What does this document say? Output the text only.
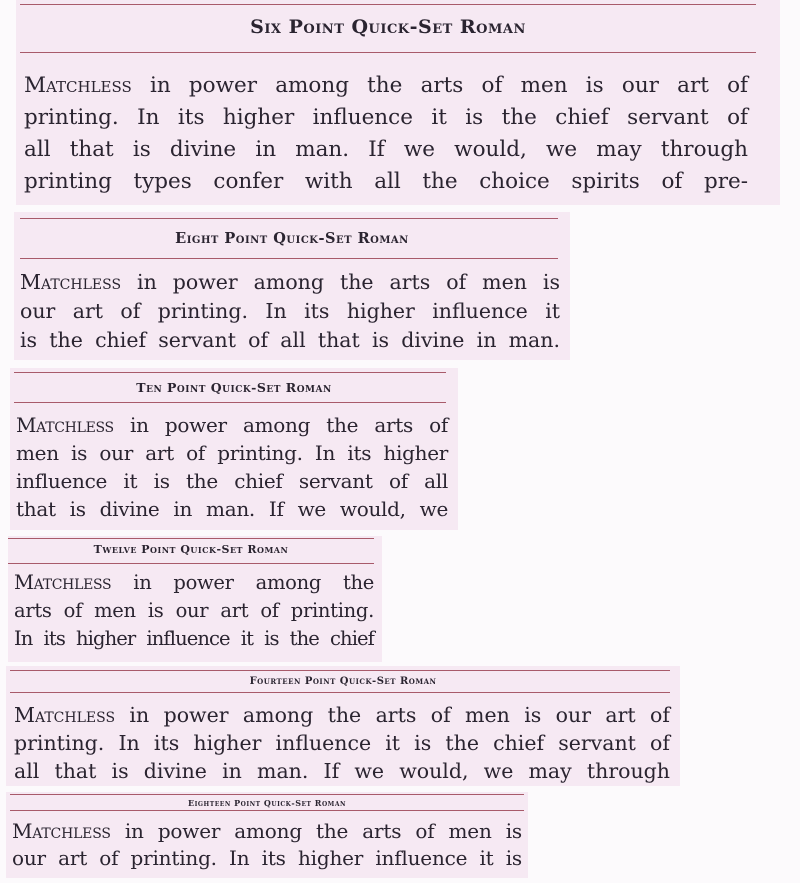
Six Point Quick-Set Roman
Matchless in power among the arts of men is our art of
printing. In its higher influence it is the chief servant of
all that is divine in man. If we would, we may through
printing types confer with all the choice spirits of pre-
Eight Point Quick-Set Roman
Matchless in power among the arts of men is
our art of printing. In its higher influence it
is the chief servant of all that is divine in man.
Ten Point Quick-Set Roman
Matchless in power among the arts of
men is our art of printing. In its higher
influence it is the chief servant of all
that is divine in man. If we would, we
Twelve Point Quick-Set Roman
Matchless in power among the
arts of men is our art of printing.
In its higher influence it is the chief
Fourteen Point Quick-Set Roman
Matchless in power among the arts of men is our art of
printing. In its higher influence it is the chief servant of
all that is divine in man. If we would, we may through
Eighteen Point Quick-Set Roman
Matchless in power among the arts of men is
our art of printing. In its higher influence it is
